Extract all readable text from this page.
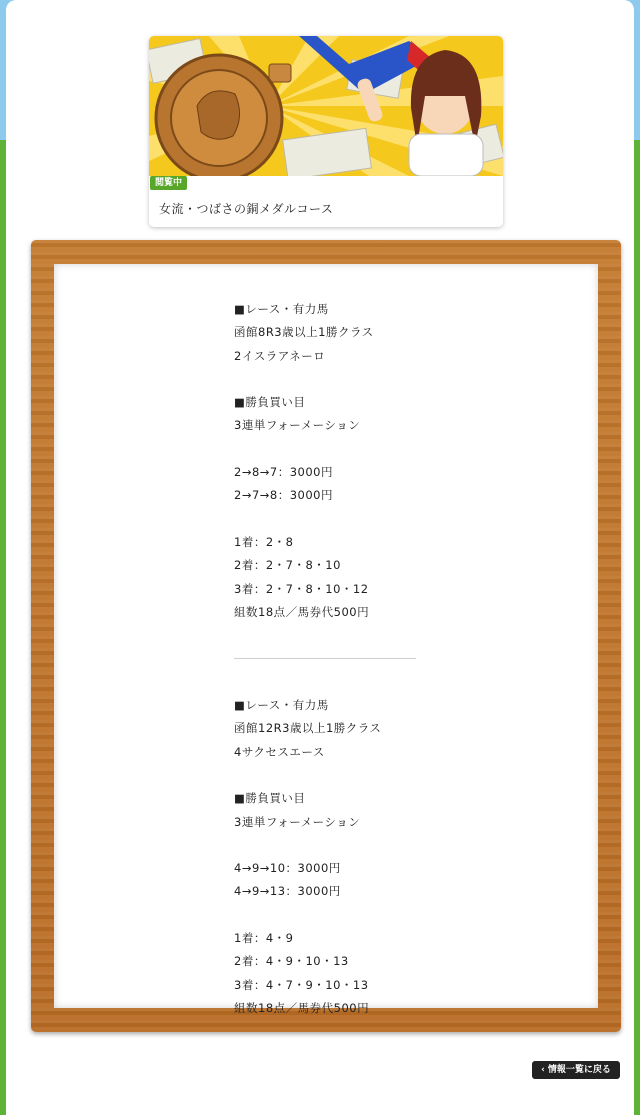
閲覧中
女流・つばさの銅メダルコース
■レース・有力馬
函館8R3歳以上1勝クラス
2イスラアネーロ
■勝負買い目
3連単フォーメーション
2→8→7：3000円
2→7→8：3000円
1着：2・8
2着：2・7・8・10
3着：2・7・8・10・12
組数18点／馬券代500円
■レース・有力馬
函館12R3歳以上1勝クラス
4サクセスエース
■勝負買い目
3連単フォーメーション
4→9→10：3000円
4→9→13：3000円
1着：4・9
2着：4・9・10・13
3着：4・7・9・10・13
組数18点／馬券代500円
‹ 情報一覧に戻る
